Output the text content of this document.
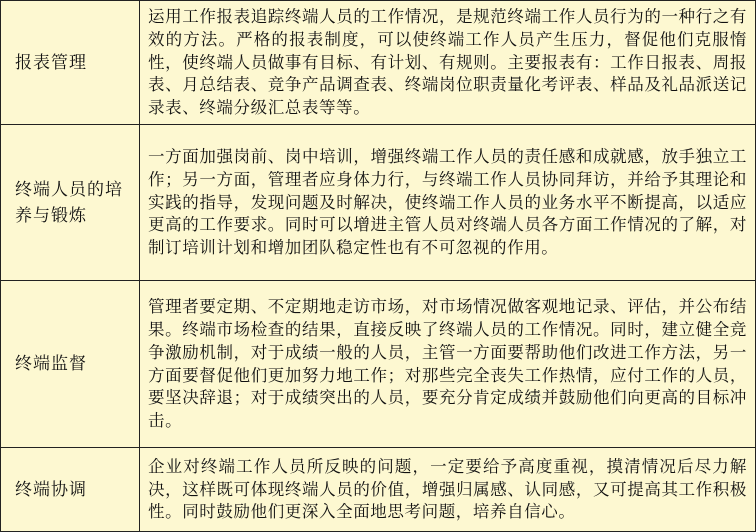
报表管理	运用工作报表追踪终端人员的工作情况，是规范终端工作人员行为的一种行之有效的方法。严格的报表制度，可以使终端工作人员产生压力，督促他们克服惰性，使终端人员做事有目标、有计划、有规则。主要报表有：工作日报表、周报表、月总结表、竞争产品调查表、终端岗位职责量化考评表、样品及礼品派送记录表、终端分级汇总表等等。
终端人员的培养与锻炼	一方面加强岗前、岗中培训，增强终端工作人员的责任感和成就感，放手独立工作；另一方面，管理者应身体力行，与终端工作人员协同拜访，并给予其理论和实践的指导，发现问题及时解决，使终端工作人员的业务水平不断提高，以适应更高的工作要求。同时可以增进主管人员对终端人员各方面工作情况的了解，对制订培训计划和增加团队稳定性也有不可忽视的作用。
终端监督	管理者要定期、不定期地走访市场，对市场情况做客观地记录、评估，并公布结果。终端市场检查的结果，直接反映了终端人员的工作情况。同时，建立健全竞争激励机制，对于成绩一般的人员，主管一方面要帮助他们改进工作方法，另一方面要督促他们更加努力地工作；对那些完全丧失工作热情，应付工作的人员，要坚决辞退；对于成绩突出的人员，要充分肯定成绩并鼓励他们向更高的目标冲击。
终端协调	企业对终端工作人员所反映的问题，一定要给予高度重视，摸清情况后尽力解决，这样既可体现终端人员的价值，增强归属感、认同感，又可提高其工作积极性。同时鼓励他们更深入全面地思考问题，培养自信心。
